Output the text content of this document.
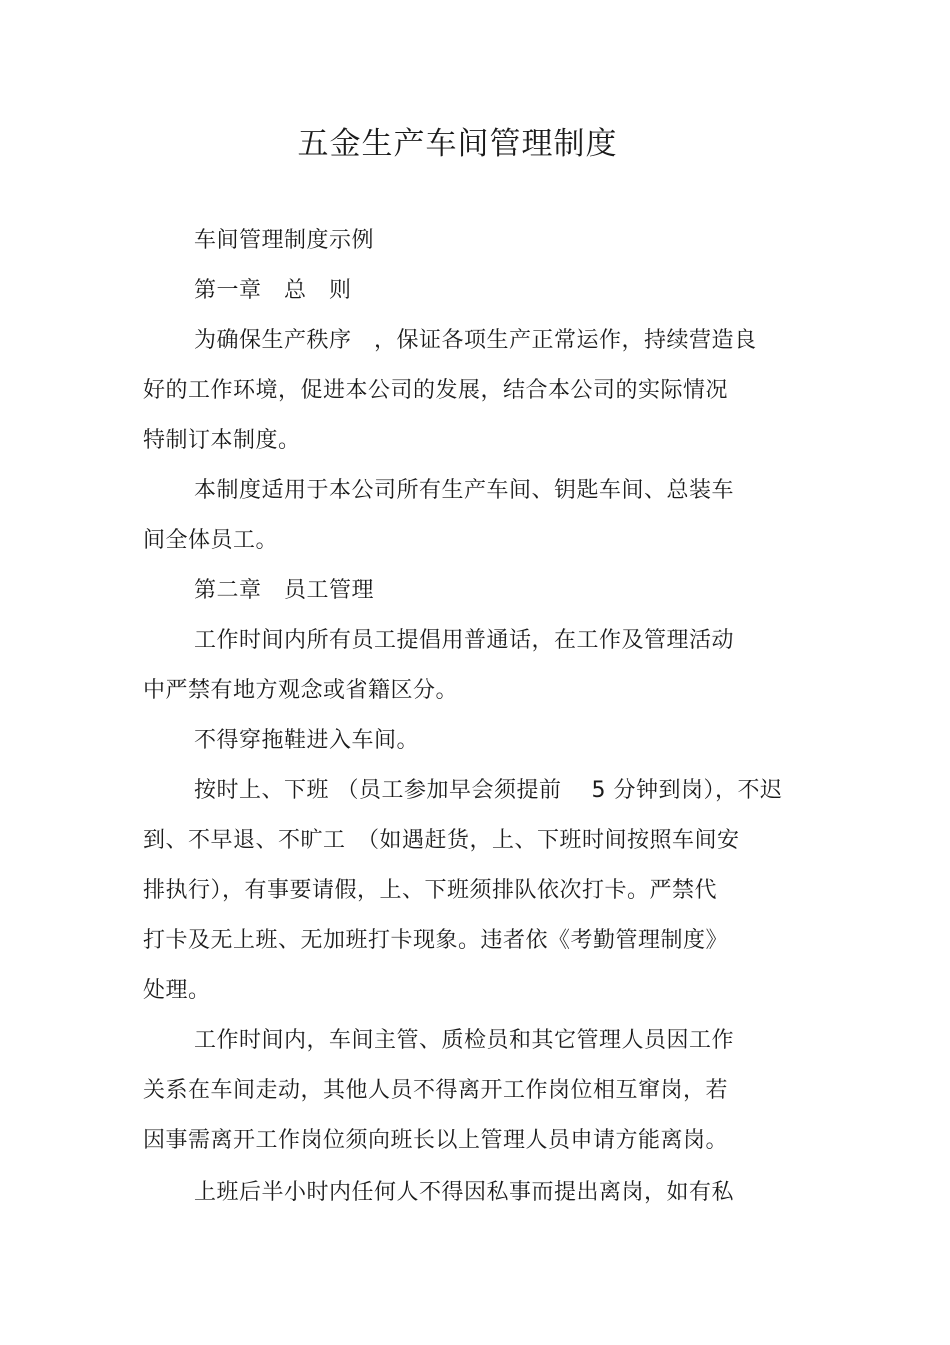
五金生产车间管理制度
车间管理制度示例
第一章　总　则
为确保生产秩序　，保证各项生产正常运作，持续营造良
好的工作环境，促进本公司的发展，结合本公司的实际情况
特制订本制度。
本制度适用于本公司所有生产车间、钥匙车间、总装车
间全体员工。
第二章　员工管理
工作时间内所有员工提倡用普通话，在工作及管理活动
中严禁有地方观念或省籍区分。
不得穿拖鞋进入车间。
按时上、下班 （员工参加早会须提前　 5 分钟到岗），不迟
到、不早退、不旷工　（如遇赶货，上、下班时间按照车间安
排执行），有事要请假，上、下班须排队依次打卡。严禁代
打卡及无上班、无加班打卡现象。违者依《考勤管理制度》
处理。
工作时间内，车间主管、质检员和其它管理人员因工作
关系在车间走动，其他人员不得离开工作岗位相互窜岗，若
因事需离开工作岗位须向班长以上管理人员申请方能离岗。
上班后半小时内任何人不得因私事而提出离岗，如有私
